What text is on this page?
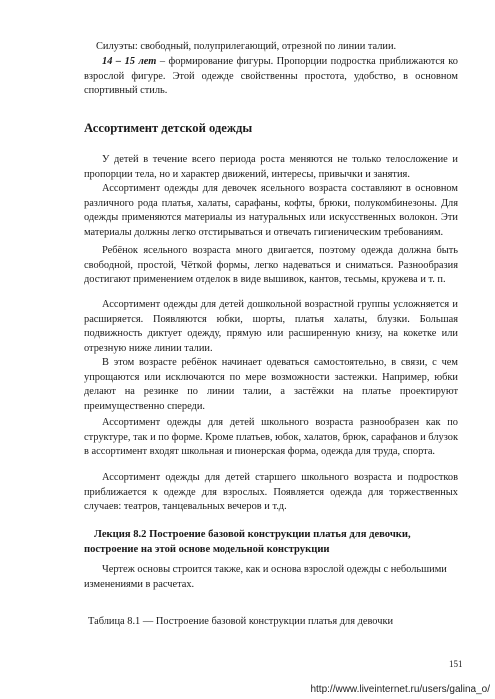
Силуэты: свободный, полуприлегающий, отрезной по линии талии.

14 – 15 лет – формирование фигуры. Пропорции подростка приближаются ко взрослой фигуре. Этой одежде свойственны простота, удобство, в основном спортивный стиль.

Ассортимент детской одежды

У детей в течение всего периода роста меняются не только телосложение и пропорции тела, но и характер движений, интересы, привычки и занятия.

Ассортимент одежды для девочек ясельного возраста составляют в основном различного рода платья, халаты, сарафаны, кофты, брюки, полукомбинезоны. Для одежды применяются материалы из натуральных или искусственных волокон. Эти материалы должны легко отстирываться и отвечать гигиеническим требованиям.

Ребёнок ясельного возраста много двигается, поэтому одежда должна быть свободной, простой, Чёткой формы, легко надеваться и сниматься. Разнообразия достигают применением отделок в виде вышивок, кантов, тесьмы, кружева и т. п.

Ассортимент одежды для детей дошкольной возрастной группы усложняется и расширяется. Появляются юбки, шорты, платья халаты, блузки. Большая подвижность диктует одежду, прямую или расширенную книзу, на кокетке или отрезную ниже линии талии.

В этом возрасте ребёнок начинает одеваться самостоятельно, в связи, с чем упрощаются или исключаются по мере возможности застежки. Например, юбки делают на резинке по линии талии, а застёжки на платье проектируют преимущественно спереди.

Ассортимент одежды для детей школьного возраста разнообразен как по структуре, так и по форме. Кроме платьев, юбок, халатов, брюк, сарафанов и блузок в ассортимент входят школьная и пионерская форма, одежда для труда, спорта.

Ассортимент одежды для детей старшего школьного возраста и подростков приближается к одежде для взрослых. Появляется одежда для торжественных случаев: театров, танцевальных вечеров и т.д.

Лекция 8.2 Построение базовой конструкции платья для девочки, построение на этой основе модельной конструкции

Чертеж основы строится также, как и основа взрослой одежды с небольшими изменениями в расчетах.

Таблица 8.1 — Построение базовой конструкции платья для девочки

151

http://www.liveinternet.ru/users/galina_o/
